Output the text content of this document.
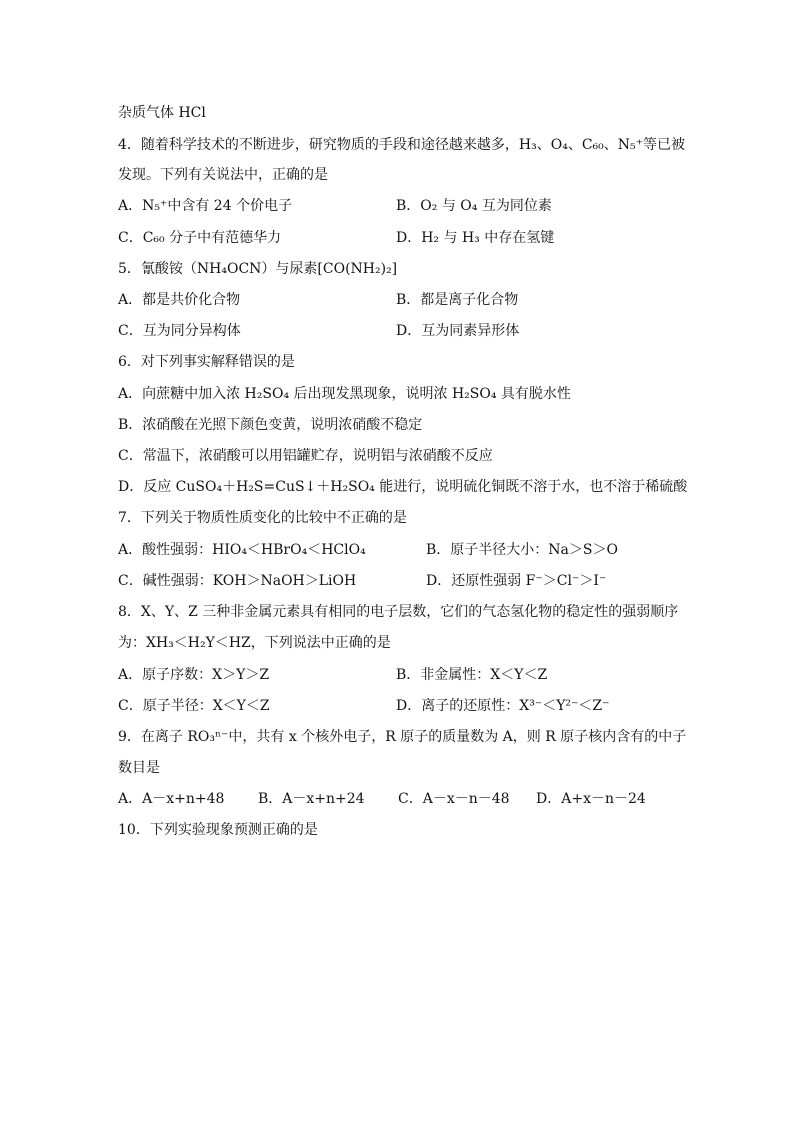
杂质气体 HCl
4．随着科学技术的不断进步，研究物质的手段和途径越来越多，H₃、O₄、C₆₀、N₅⁺等已被
发现。下列有关说法中，正确的是
A．N₅⁺中含有 24 个价电子	B．O₂ 与 O₄ 互为同位素
C．C₆₀ 分子中有范德华力	D．H₂ 与 H₃ 中存在氢键
5．氰酸铵（NH₄OCN）与尿素[CO(NH₂)₂]
A．都是共价化合物	B．都是离子化合物
C．互为同分异构体	D．互为同素异形体
6．对下列事实解释错误的是
A．向蔗糖中加入浓 H₂SO₄ 后出现发黑现象，说明浓 H₂SO₄ 具有脱水性
B．浓硝酸在光照下颜色变黄，说明浓硝酸不稳定
C．常温下，浓硝酸可以用铝罐贮存，说明铝与浓硝酸不反应
D．反应 CuSO₄＋H₂S=CuS↓＋H₂SO₄ 能进行，说明硫化铜既不溶于水，也不溶于稀硫酸
7．下列关于物质性质变化的比较中不正确的是
A．酸性强弱：HIO₄＜HBrO₄＜HClO₄	B．原子半径大小：Na＞S＞O
C．碱性强弱：KOH＞NaOH＞LiOH	D．还原性强弱 F⁻＞Cl⁻＞I⁻
8．X、Y、Z 三种非金属元素具有相同的电子层数，它们的气态氢化物的稳定性的强弱顺序
为：XH₃＜H₂Y＜HZ，下列说法中正确的是
A．原子序数：X＞Y＞Z	B．非金属性：X＜Y＜Z
C．原子半径：X＜Y＜Z	D．离子的还原性：X³⁻＜Y²⁻＜Z⁻
9．在离子 RO₃ⁿ⁻中，共有 x 个核外电子，R 原子的质量数为 A，则 R 原子核内含有的中子
数目是
A．A－x+n+48 B．A－x+n+24 C．A－x－n－48 D．A+x－n－24
10．下列实验现象预测正确的是
